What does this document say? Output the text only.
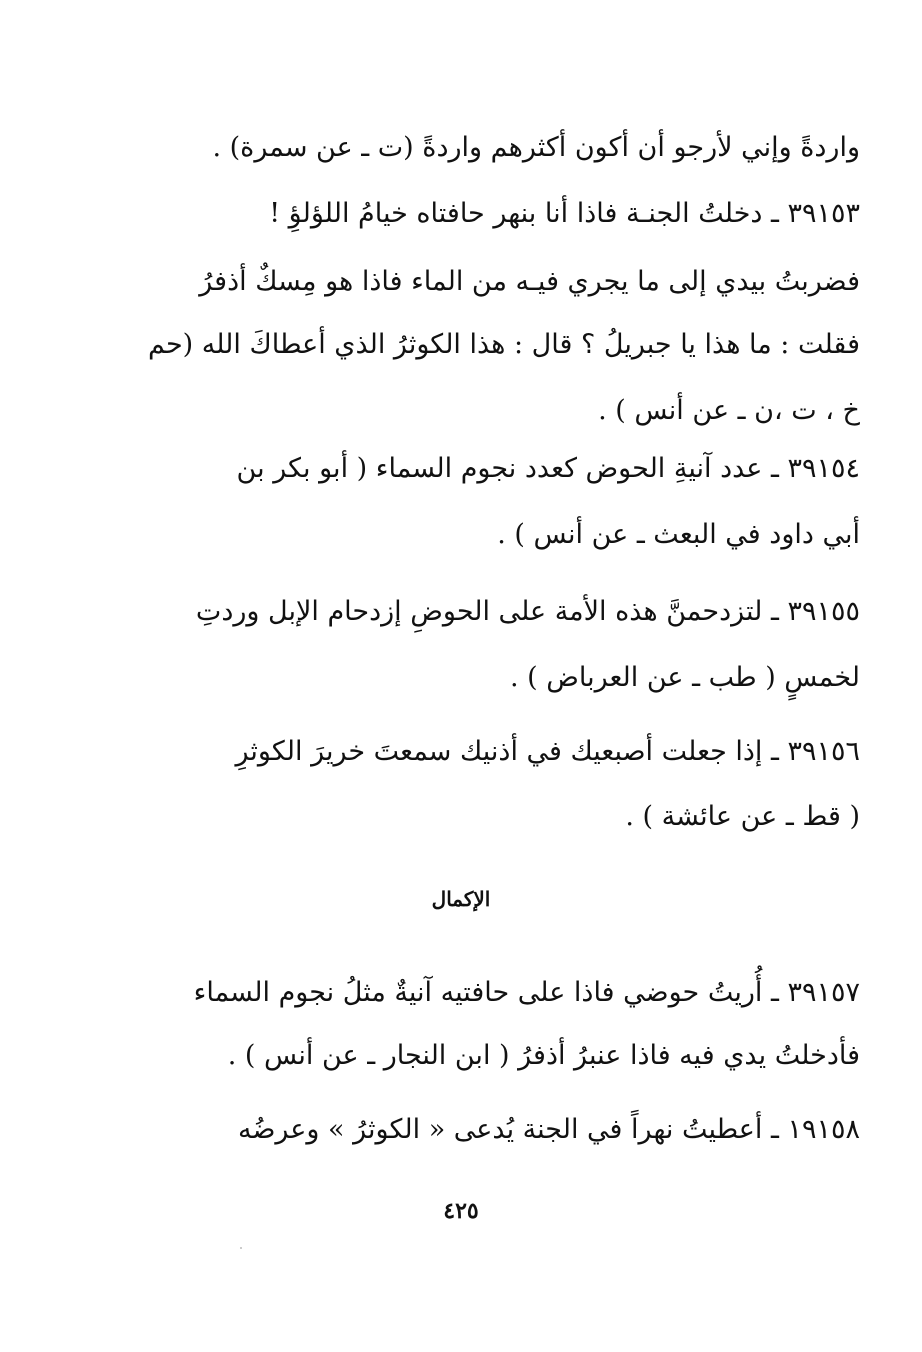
واردةً وإني لأرجو أن أكون أكثرهم واردةً (ت ـ عن سمرة) .
٣٩١٥٣ ـ دخلتُ الجنـة فاذا أنا بنهر حافتاه خيامُ اللؤلؤِ !
فضربتُ بيدي إلى ما يجري فيـه من الماء فاذا هو مِسكٌ أذفرُ
فقلت : ما هذا يا جبريلُ ؟ قال : هذا الكوثرُ الذي أعطاكَ الله (حم
خ ، ت ،ن ـ عن أنس ) .
٣٩١٥٤ ـ عدد آنيةِ الحوض كعدد نجوم السماء ( أبو بكر بن
أبي داود في البعث ـ عن أنس ) .
٣٩١٥٥ ـ لتزدحمنَّ هذه الأمة على الحوضِ إزدحام الإبل وردتِ
لخمسٍ ( طب ـ عن العرباض ) .
٣٩١٥٦ ـ إذا جعلت أصبعيك في أذنيك سمعتَ خريرَ الكوثرِ
( قط ـ عن عائشة ) .
الإكمال
٣٩١٥٧ ـ أُريتُ حوضي فاذا على حافتيه آنيةٌ مثلُ نجوم السماء
فأدخلتُ يدي فيه فاذا عنبرُ أذفرُ ( ابن النجار ـ عن أنس ) .
١٩١٥٨ ـ أعطيتُ نهراً في الجنة يُدعى « الكوثرُ » وعرضُه
٤٢٥
